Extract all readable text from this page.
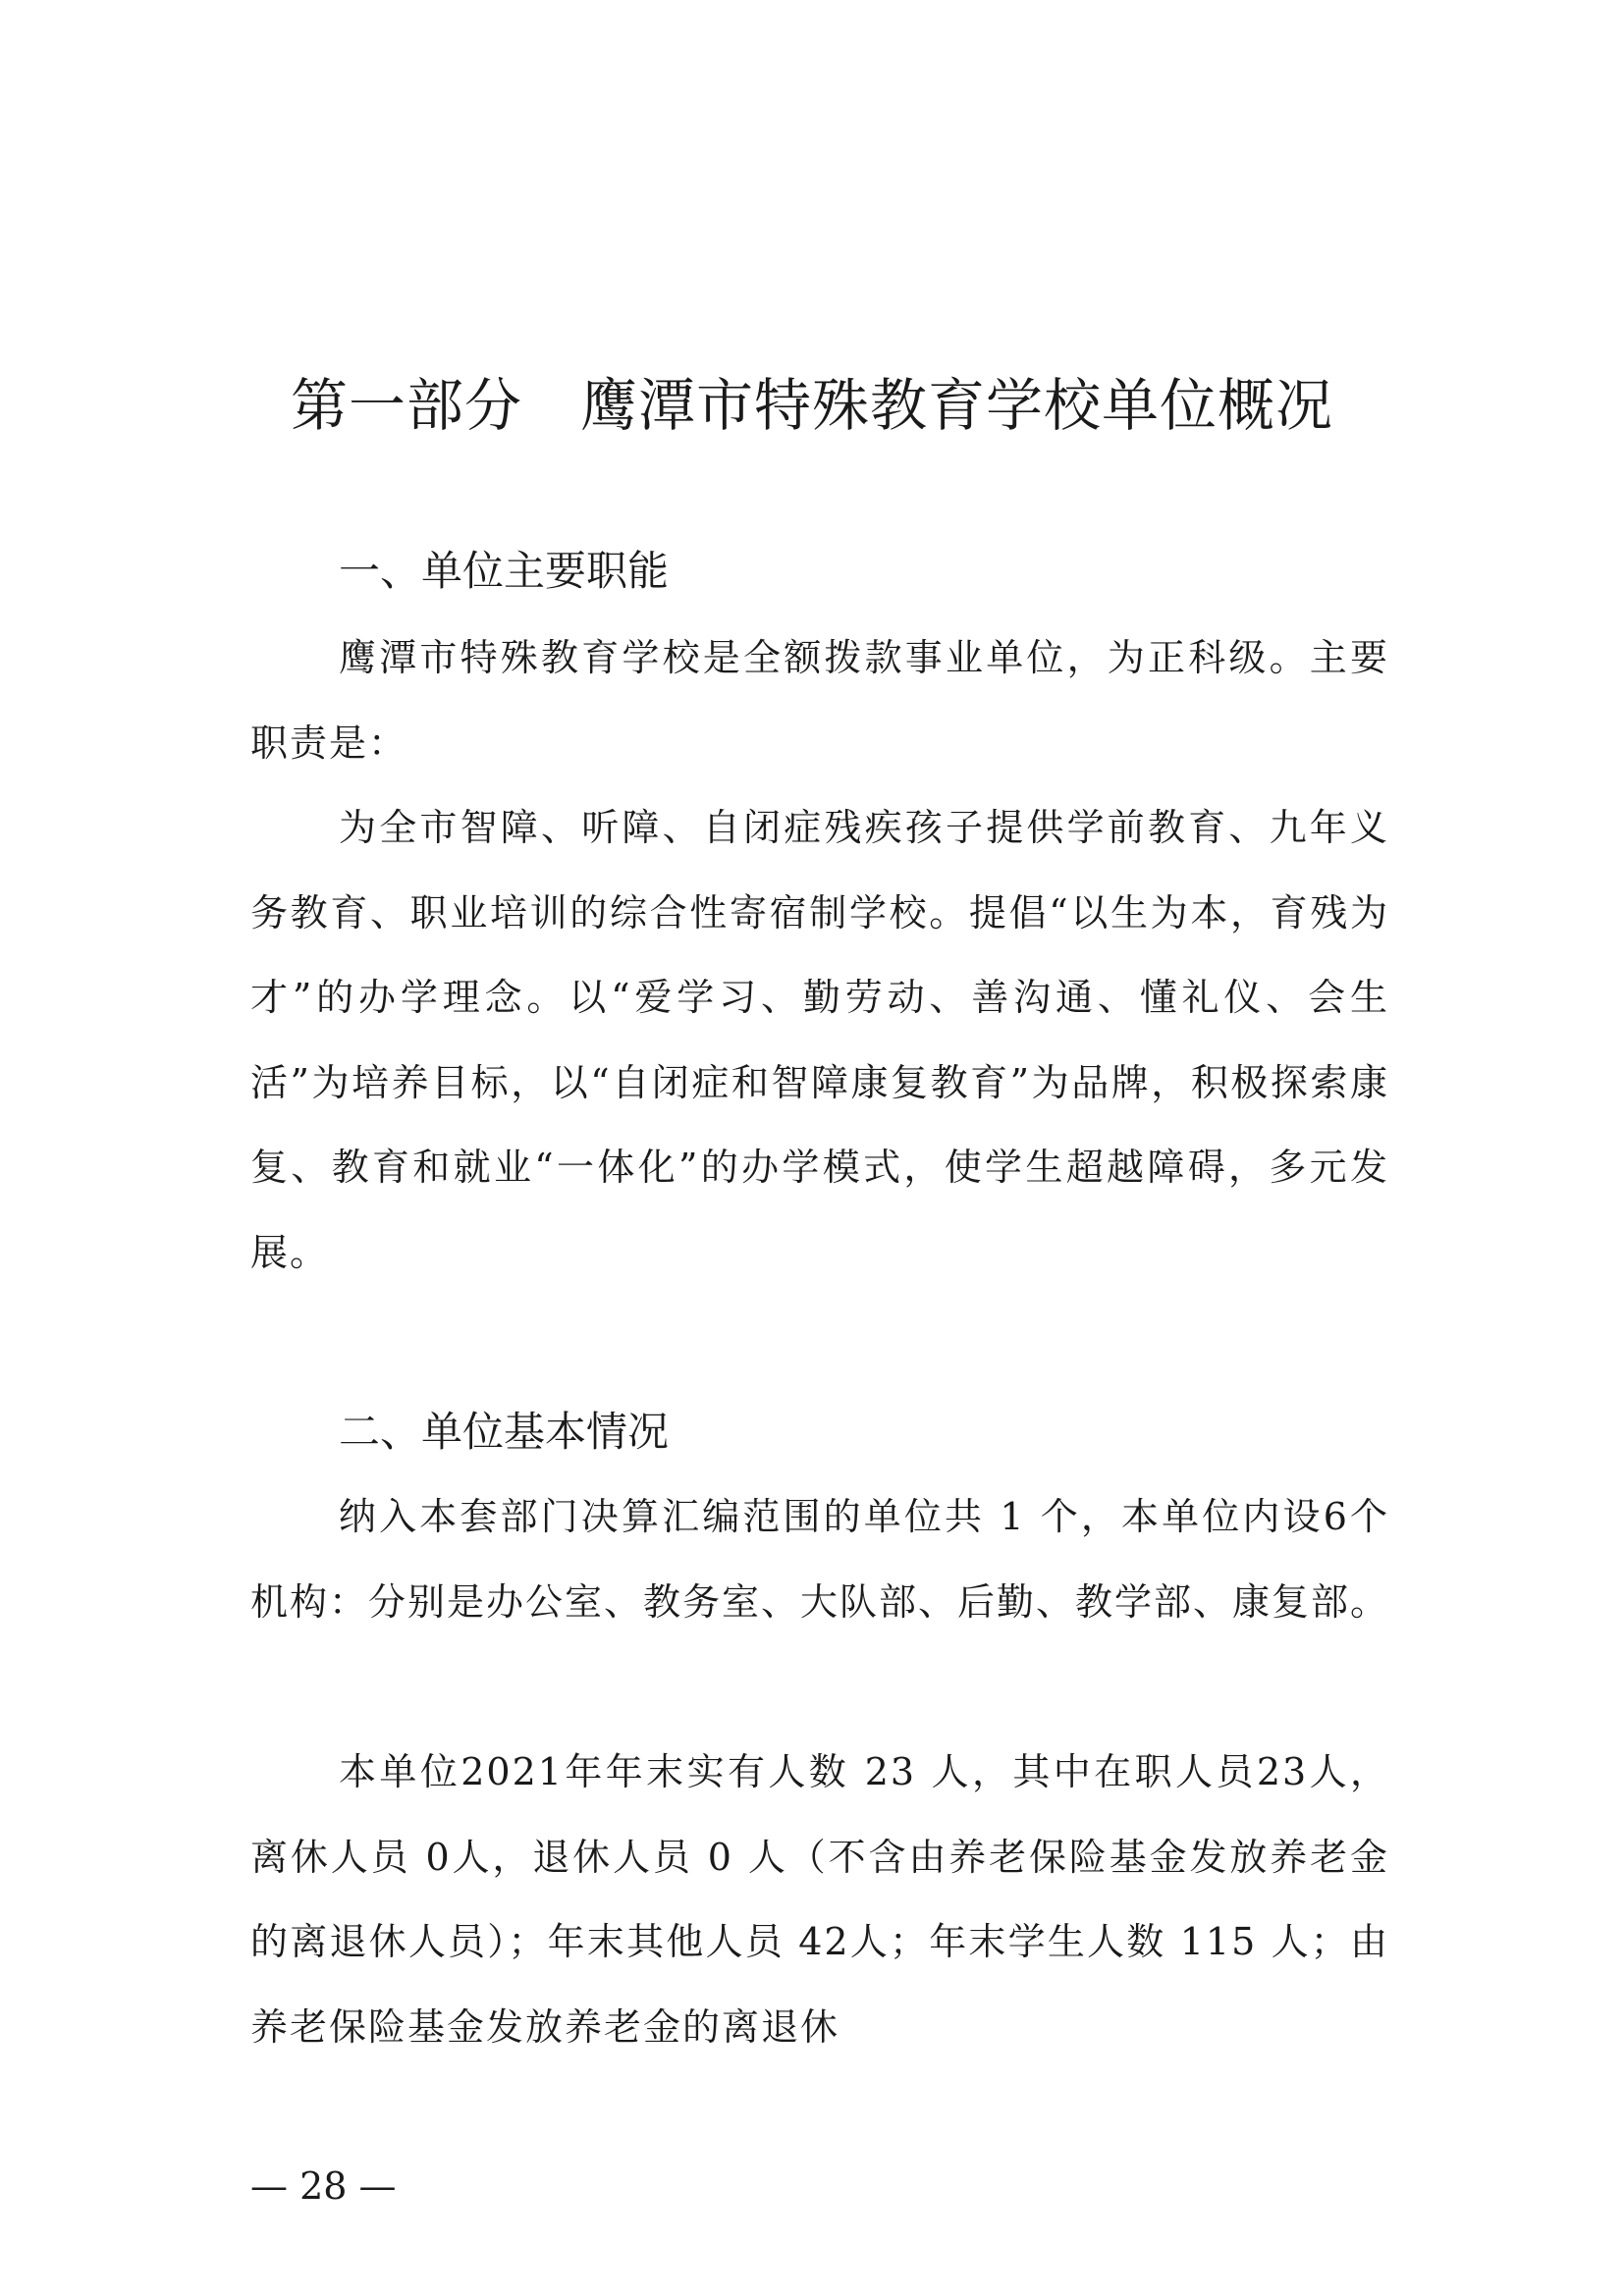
第一部分　鹰潭市特殊教育学校单位概况
一、单位主要职能

鹰潭市特殊教育学校是全额拨款事业单位，为正科级。主要职责是：

为全市智障、听障、自闭症残疾孩子提供学前教育、九年义务教育、职业培训的综合性寄宿制学校。提倡“以生为本，育残为才”的办学理念。以“爱学习、勤劳动、善沟通、懂礼仪、会生活”为培养目标，以“自闭症和智障康复教育”为品牌，积极探索康复、教育和就业“一体化”的办学模式，使学生超越障碍，多元发展。

二、单位基本情况

纳入本套部门决算汇编范围的单位共 1 个，本单位内设6个机构：分别是办公室、教务室、大队部、后勤、教学部、康复部。

本单位2021年年末实有人数 23 人，其中在职人员23人，离休人员 0人，退休人员 0 人（不含由养老保险基金发放养老金的离退休人员）；年末其他人员 42人；年末学生人数 115 人；由养老保险基金发放养老金的离退休

— 28 —
